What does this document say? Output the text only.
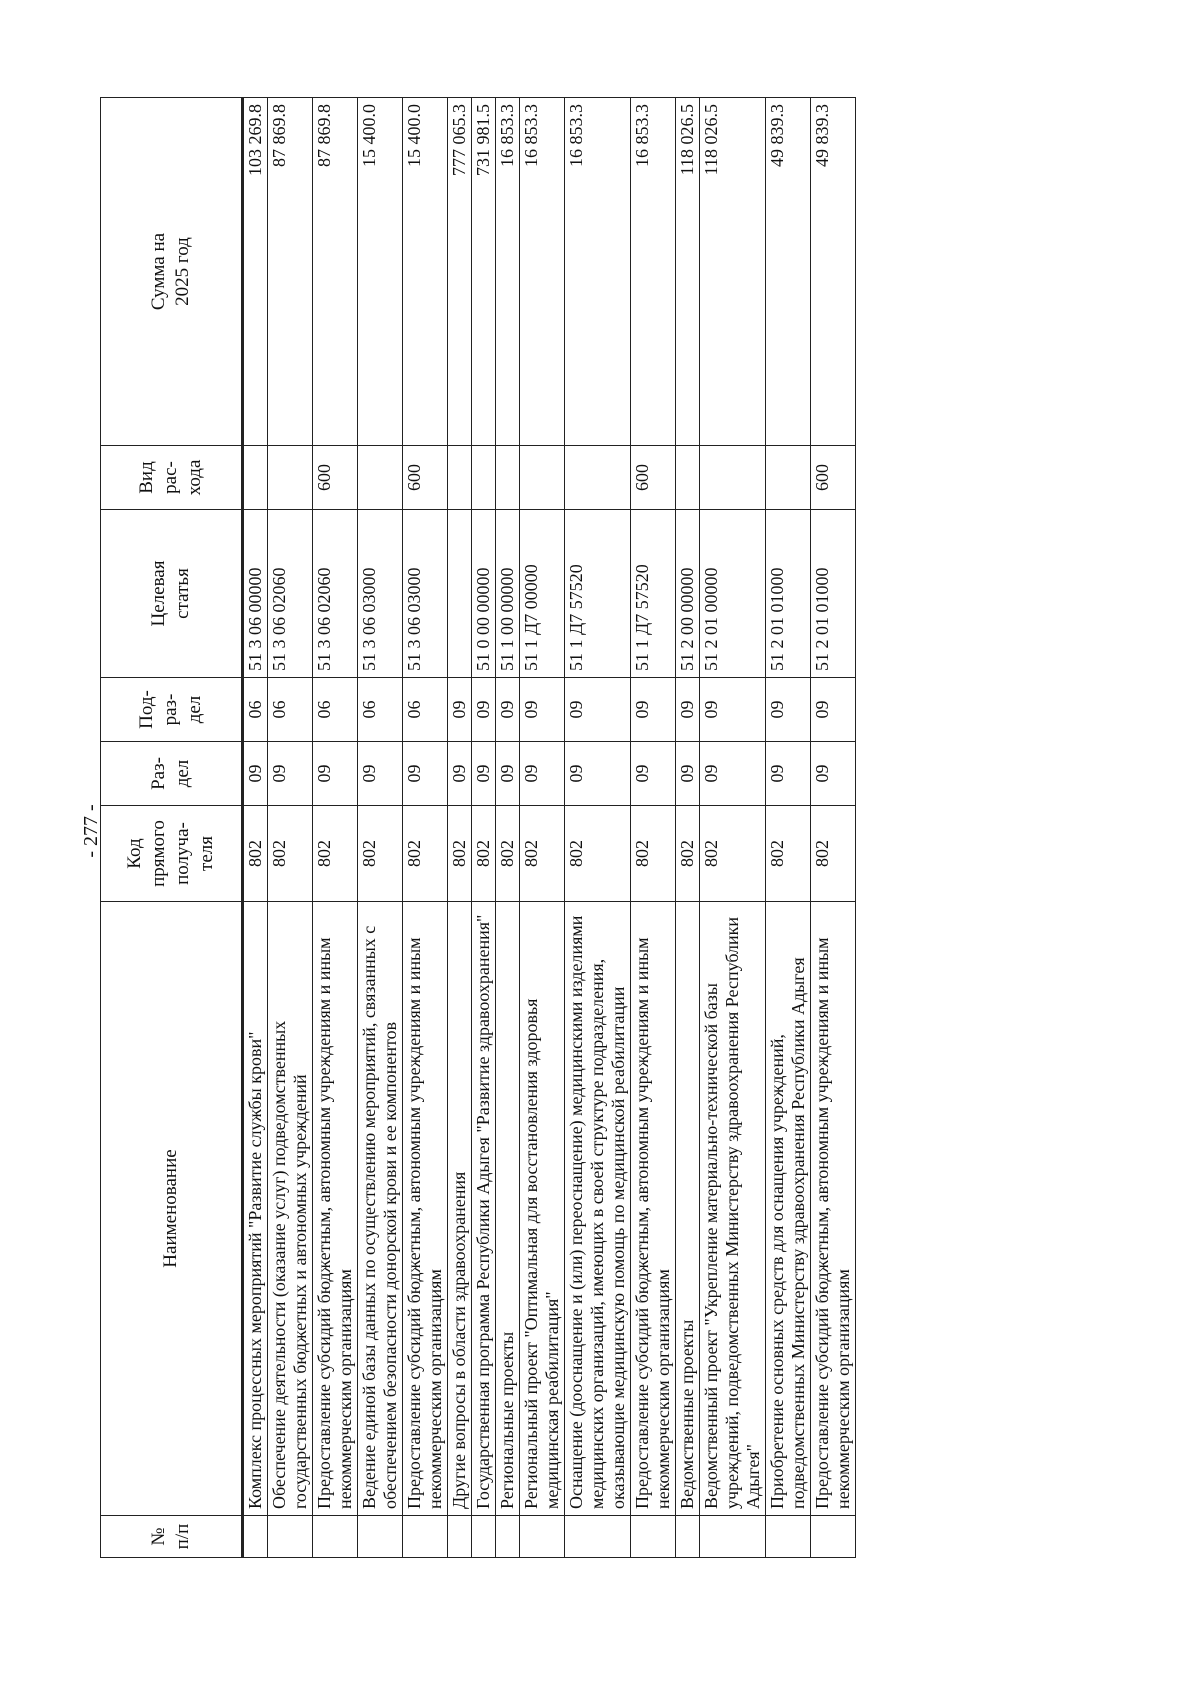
- 277 -
№ п/п	Наименование	Код прямого получа- теля	Раз- дел	Под- раз- дел	Целевая статья	Вид рас- хода	Сумма на 2025 год

	Комплекс процессных мероприятий "Развитие службы крови"	802	09	06	51 3 06 00000		103 269.8
	Обеспечение деятельности (оказание услуг) подведомственных государственных бюджетных и автономных учреждений	802	09	06	51 3 06 02060		87 869.8
	Предоставление субсидий бюджетным, автономным учреждениям и иным некоммерческим организациям	802	09	06	51 3 06 02060	600	87 869.8
	Ведение единой базы данных по осуществлению мероприятий, связанных с обеспечением безопасности донорской крови и ее компонентов	802	09	06	51 3 06 03000		15 400.0
	Предоставление субсидий бюджетным, автономным учреждениям и иным некоммерческим организациям	802	09	06	51 3 06 03000	600	15 400.0
	Другие вопросы в области здравоохранения	802	09	09			777 065.3
	Государственная программа Республики Адыгея "Развитие здравоохранения"	802	09	09	51 0 00 00000		731 981.5
	Региональные проекты	802	09	09	51 1 00 00000		16 853.3
	Региональный проект "Оптимальная для восстановления здоровья медицинская реабилитация"	802	09	09	51 1 Д7 00000		16 853.3
	Оснащение (дооснащение и (или) переоснащение) медицинскими изделиями медицинских организаций, имеющих в своей структуре подразделения, оказывающие медицинскую помощь по медицинской реабилитации	802	09	09	51 1 Д7 57520		16 853.3
	Предоставление субсидий бюджетным, автономным учреждениям и иным некоммерческим организациям	802	09	09	51 1 Д7 57520	600	16 853.3
	Ведомственные проекты	802	09	09	51 2 00 00000		118 026.5
	Ведомственный проект "Укрепление материально-технической базы учреждений, подведомственных Министерству здравоохранения Республики Адыгея"	802	09	09	51 2 01 00000		118 026.5
	Приобретение основных средств для оснащения учреждений, подведомственных Министерству здравоохранения Республики Адыгея	802	09	09	51 2 01 01000		49 839.3
	Предоставление субсидий бюджетным, автономным учреждениям и иным некоммерческим организациям	802	09	09	51 2 01 01000	600	49 839.3
